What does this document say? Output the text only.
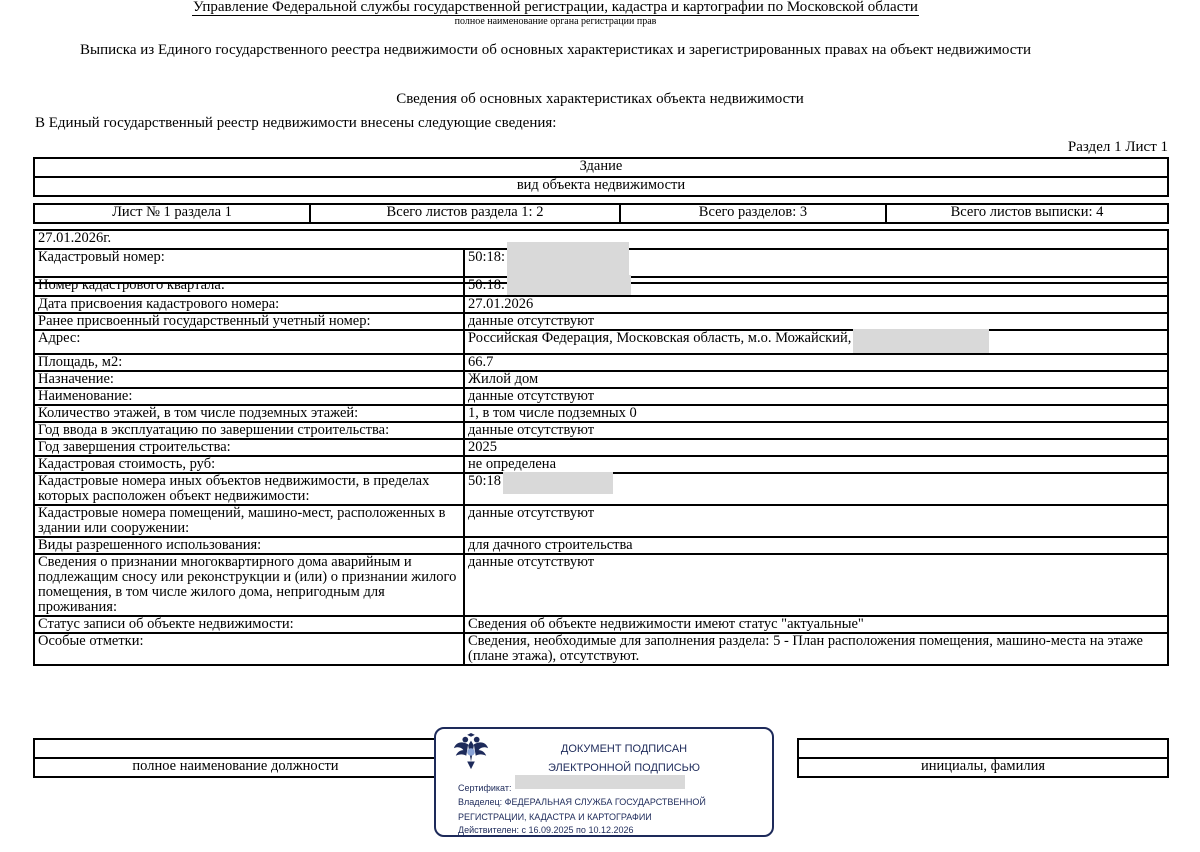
Управление Федеральной службы государственной регистрации, кадастра и картографии по Московской области
полное наименование органа регистрации прав
Выписка из Единого государственного реестра недвижимости об основных характеристиках и зарегистрированных правах на объект недвижимости
Сведения об основных характеристиках объекта недвижимости
В Единый государственный реестр недвижимости внесены следующие сведения:
Раздел 1 Лист 1
Здание
вид объекта недвижимости
Лист № 1 раздела 1	Всего листов раздела 1: 2	Всего разделов: 3	Всего листов выписки: 4
27.01.2026г.
Кадастровый номер:	50:18:
Номер кадастрового квартала:	50:18:
Дата присвоения кадастрового номера:	27.01.2026
Ранее присвоенный государственный учетный номер:	данные отсутствуют
Адрес:	Российская Федерация, Московская область, м.о. Можайский,
Площадь, м2:	66.7
Назначение:	Жилой дом
Наименование:	данные отсутствуют
Количество этажей, в том числе подземных этажей:	1, в том числе подземных 0
Год ввода в эксплуатацию по завершении строительства:	данные отсутствуют
Год завершения строительства:	2025
Кадастровая стоимость, руб:	не определена
Кадастровые номера иных объектов недвижимости, в пределах которых расположен объект недвижимости:	50:18
Кадастровые номера помещений, машино-мест, расположенных в здании или сооружении:	данные отсутствуют
Виды разрешенного использования:	для дачного строительства
Сведения о признании многоквартирного дома аварийным и подлежащим сносу или реконструкции и (или) о признании жилого помещения, в том числе жилого дома, непригодным для проживания:	данные отсутствуют
Статус записи об объекте недвижимости:	Сведения об объекте недвижимости имеют статус "актуальные"
Особые отметки:	Сведения, необходимые для заполнения раздела: 5 - План расположения помещения, машино-места на этаже (плане этажа), отсутствуют.

полное наименование должности		инициалы, фамилия
ДОКУМЕНТ ПОДПИСАН
ЭЛЕКТРОННОЙ ПОДПИСЬЮ
Сертификат:
Владелец: ФЕДЕРАЛЬНАЯ СЛУЖБА ГОСУДАРСТВЕННОЙ
РЕГИСТРАЦИИ, КАДАСТРА И КАРТОГРАФИИ
Действителен: с 16.09.2025 по 10.12.2026
